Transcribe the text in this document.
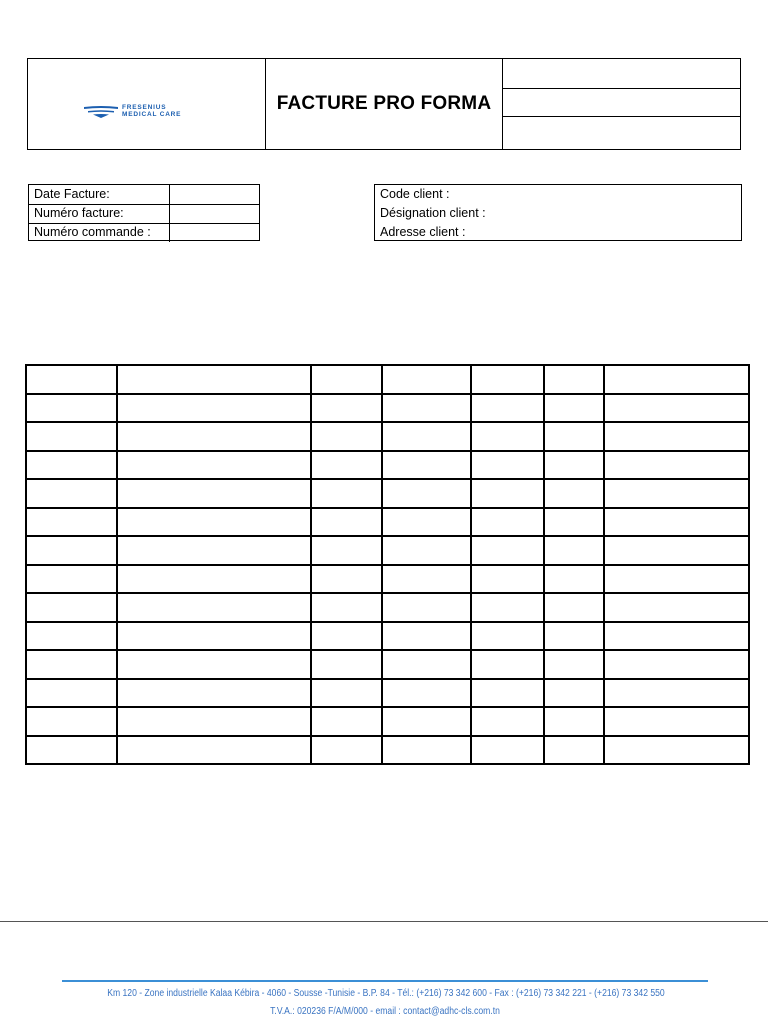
FRESENIUS
MEDICAL CARE	FACTURE PRO FORMA
Date Facture:
Numéro facture:
Numéro commande :
Code client :
Désignation client :
Adresse client :

Km 120 - Zone industrielle Kalaa Kébira - 4060 - Sousse -Tunisie - B.P. 84 - Tél.: (+216) 73 342 600 - Fax : (+216) 73 342 221 - (+216) 73 342 550
T.V.A.: 020236 F/A/M/000 - email : contact@adhc-cls.com.tn
